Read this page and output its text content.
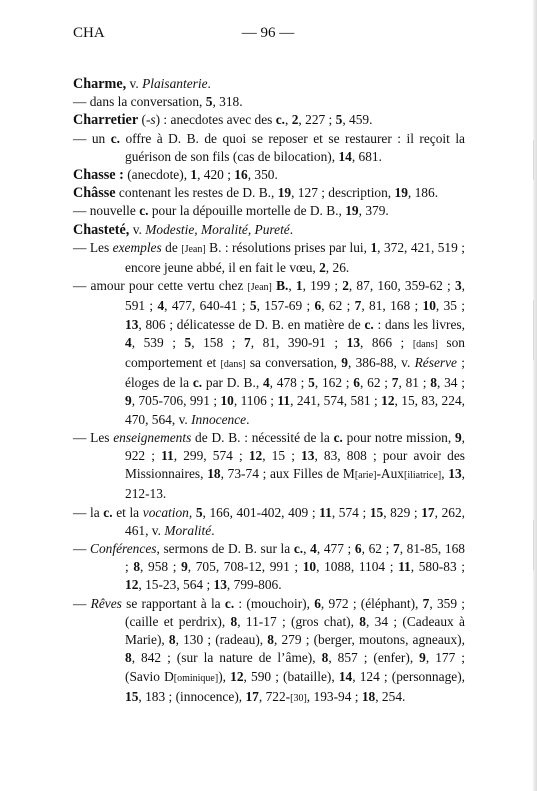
CHA	— 96 —

Charme, v. Plaisanterie.

— dans la conversation, 5, 318.

Charretier (-s) : anecdotes avec des c., 2, 227 ; 5, 459.

— un c. offre à D. B. de quoi se reposer et se restaurer : il reçoit la guérison de son fils (cas de bilocation), 14, 681.

Chasse : (anecdote), 1, 420 ; 16, 350.

Châsse contenant les restes de D. B., 19, 127 ; description, 19, 186.

— nouvelle c. pour la dépouille mortelle de D. B., 19, 379.

Chasteté, v. Modestie, Moralité, Pureté.

— Les exemples de [Jean] B. : résolutions prises par lui, 1, 372, 421, 519 ; encore jeune abbé, il en fait le vœu, 2, 26.

— amour pour cette vertu chez [Jean] B., 1, 199 ; 2, 87, 160, 359-62 ; 3, 591 ; 4, 477, 640-41 ; 5, 157-69 ; 6, 62 ; 7, 81, 168 ; 10, 35 ; 13, 806 ; délicatesse de D. B. en matière de c. : dans les livres, 4, 539 ; 5, 158 ; 7, 81, 390-91 ; 13, 866 ; [dans] son comportement et [dans] sa conversation, 9, 386-88, v. Réserve ; éloges de la c. par D. B., 4, 478 ; 5, 162 ; 6, 62 ; 7, 81 ; 8, 34 ; 9, 705-706, 991 ; 10, 1106 ; 11, 241, 574, 581 ; 12, 15, 83, 224, 470, 564, v. Innocence.

— Les enseignements de D. B. : nécessité de la c. pour notre mission, 9, 922 ; 11, 299, 574 ; 12, 15 ; 13, 83, 808 ; pour avoir des Missionnaires, 18, 73-74 ; aux Filles de M[arie]-Aux[iliatrice], 13, 212-13.

— la c. et la vocation, 5, 166, 401-402, 409 ; 11, 574 ; 15, 829 ; 17, 262, 461, v. Moralité.

— Conférences, sermons de D. B. sur la c., 4, 477 ; 6, 62 ; 7, 81-85, 168 ; 8, 958 ; 9, 705, 708-12, 991 ; 10, 1088, 1104 ; 11, 580-83 ; 12, 15-23, 564 ; 13, 799-806.

— Rêves se rapportant à la c. : (mouchoir), 6, 972 ; (éléphant), 7, 359 ; (caille et perdrix), 8, 11-17 ; (gros chat), 8, 34 ; (Cadeaux à Marie), 8, 130 ; (radeau), 8, 279 ; (berger, moutons, agneaux), 8, 842 ; (sur la nature de l’âme), 8, 857 ; (enfer), 9, 177 ; (Savio D[ominique]), 12, 590 ; (bataille), 14, 124 ; (personnage), 15, 183 ; (innocence), 17, 722-[30], 193-94 ; 18, 254.
